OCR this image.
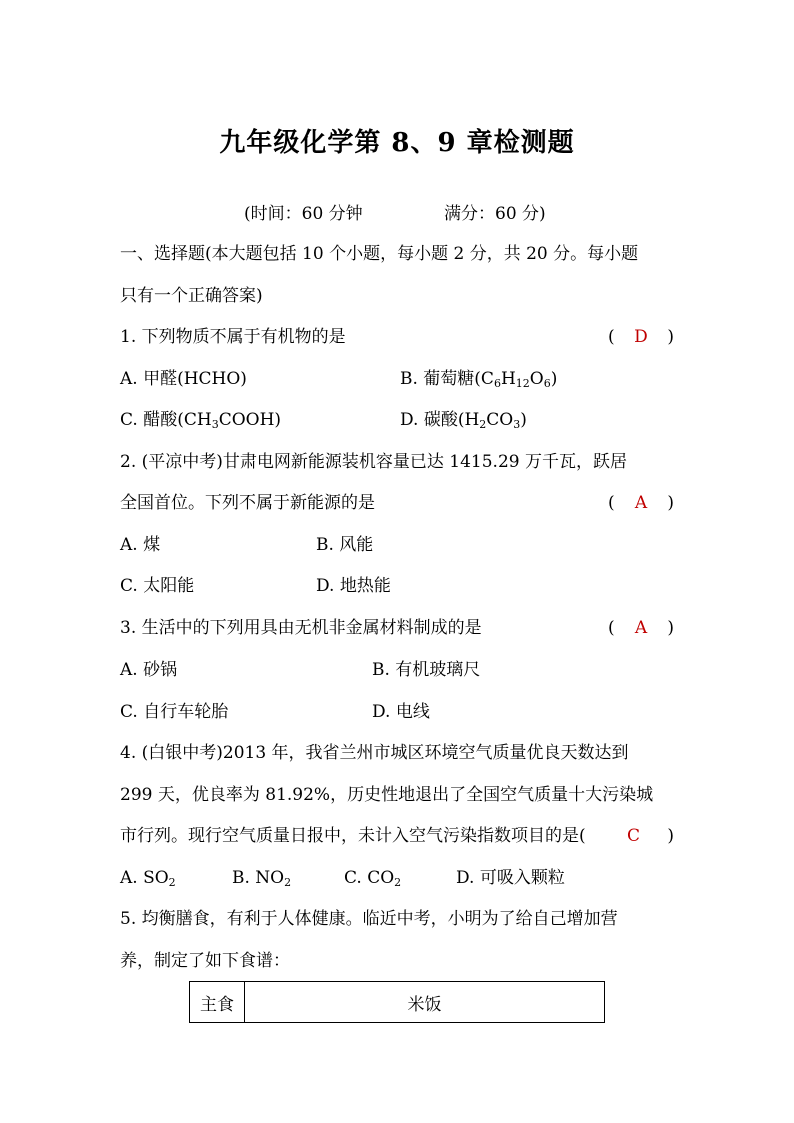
九年级化学第 8、9 章检测题
(时间：60 分钟	满分：60 分)
一、选择题(本大题包括 10 个小题，每小题 2 分，共 20 分。每小题
只有一个正确答案)
1. 下列物质不属于有机物的是	( D )
A. 甲醛(HCHO)	B. 葡萄糖$(C_6H_{12}O_6)$
C. 醋酸$(CH_3COOH)$	D. 碳酸$(H_2CO_3)$
2. (平凉中考)甘肃电网新能源装机容量已达 1415.29 万千瓦，跃居
全国首位。下列不属于新能源的是	( A )
A. 煤	B. 风能
C. 太阳能	D. 地热能
3. 生活中的下列用具由无机非金属材料制成的是	( A )
A. 砂锅	B. 有机玻璃尺
C. 自行车轮胎	D. 电线
4. (白银中考)2013 年，我省兰州市城区环境空气质量优良天数达到
299 天，优良率为 81.92%，历史性地退出了全国空气质量十大污染城
市行列。现行空气质量日报中，未计入空气污染指数项目的是( C )
A. $SO_2$	B. $NO_2$	C. $CO_2$	D. 可吸入颗粒
5. 均衡膳食，有利于人体健康。临近中考，小明为了给自己增加营
养，制定了如下食谱：
主食	米饭
